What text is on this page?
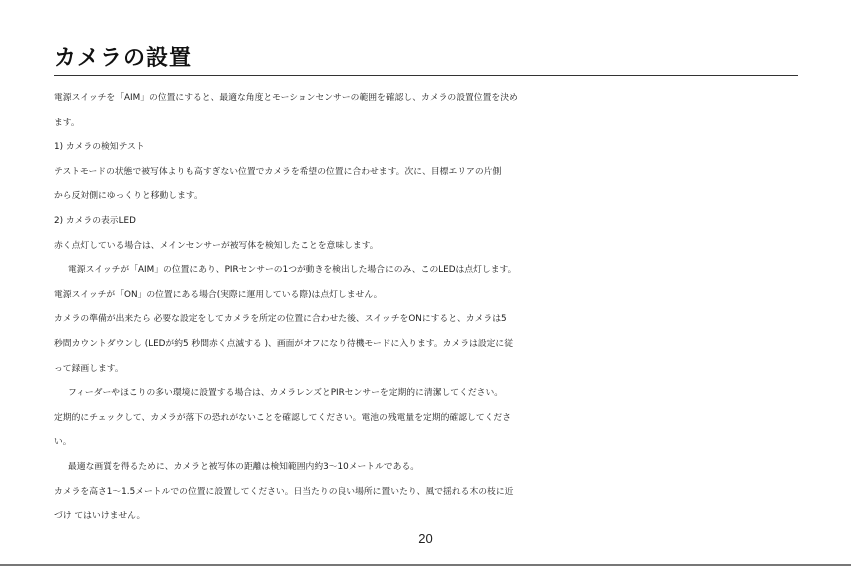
カメラの設置
電源スイッチを「AIM」の位置にすると、最適な角度とモーションセンサーの範囲を確認し、カメラの設置位置を決め
ます。
1) カメラの検知テスト
テストモードの状態で被写体よりも高すぎない位置でカメラを希望の位置に合わせます。次に、目標エリアの片側
から反対側にゆっくりと移動します。
2) カメラの表示LED
赤く点灯している場合は、メインセンサーが被写体を検知したことを意味します。
電源スイッチが「AIM」の位置にあり、PIRセンサーの1つが動きを検出した場合にのみ、このLEDは点灯します。
電源スイッチが「ON」の位置にある場合(実際に運用している際)は点灯しません。
カメラの準備が出来たら 必要な設定をしてカメラを所定の位置に合わせた後、スイッチをONにすると、カメラは5
秒間カウントダウンし (LEDが約5 秒間赤く点滅する )、画面がオフになり待機モードに入ります。カメラは設定に従
って録画します。
フィーダーやほこりの多い環境に設置する場合は、カメラレンズとPIRセンサーを定期的に清潔してください。
定期的にチェックして、カメラが落下の恐れがないことを確認してください。電池の残電量を定期的確認してくださ
い。
最適な画質を得るために、カメラと被写体の距離は検知範囲内約3〜10メートルである。
カメラを高さ1〜1.5メートルでの位置に設置してください。日当たりの良い場所に置いたり、風で揺れる木の枝に近
づけ てはいけません。
20
